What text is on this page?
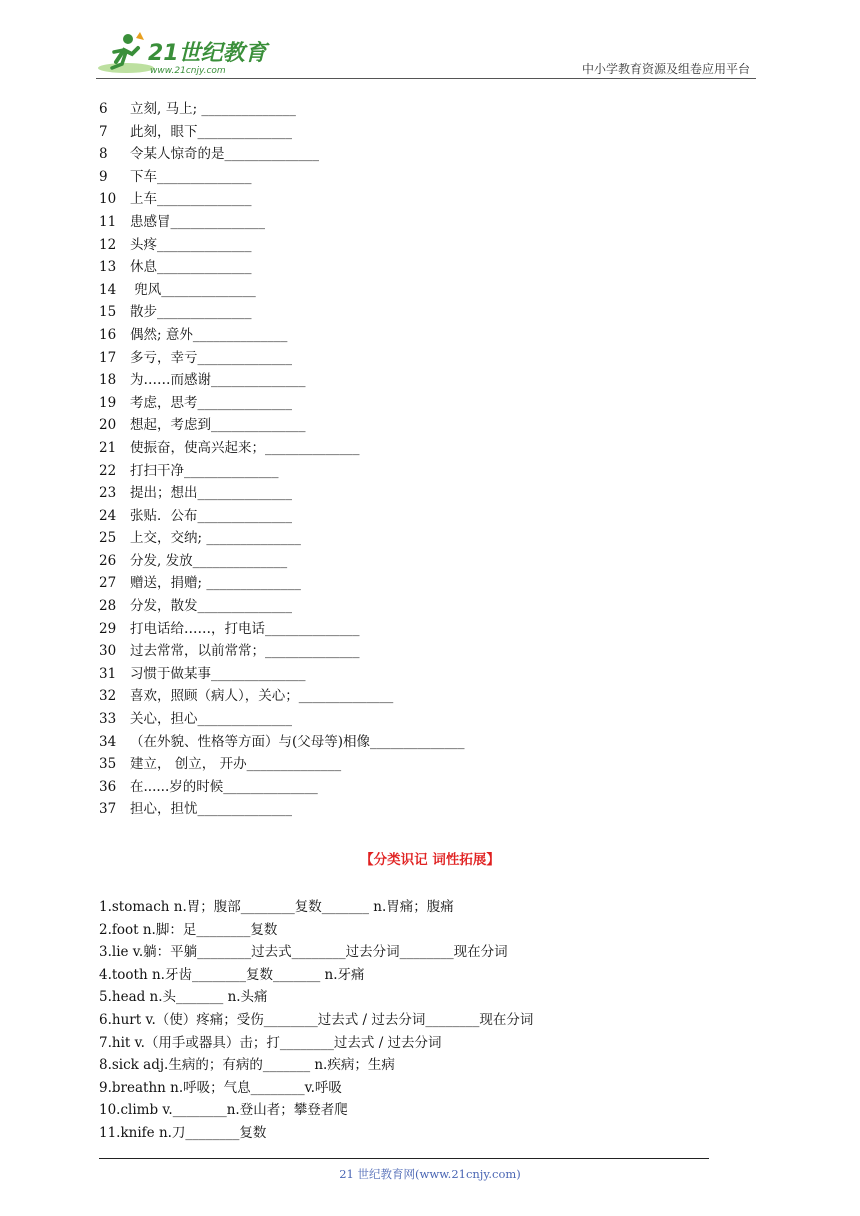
21世纪教育
www.21cnjy.com	中小学教育资源及组卷应用平台
6 立刻, 马上; ______________
7 此刻，眼下______________
8 令某人惊奇的是______________
9 下车______________
10 上车______________
11 患感冒______________
12 头疼______________
13 休息______________
14 兜风______________
15 散步______________
16 偶然; 意外______________
17 多亏，幸亏______________
18 为……而感谢______________
19 考虑，思考______________
20 想起，考虑到______________
21 使振奋，使高兴起来；______________
22 打扫干净______________
23 提出；想出______________
24 张贴．公布______________
25 上交，交纳; ______________
26 分发, 发放______________
27 赠送，捐赠; ______________
28 分发，散发______________
29 打电话给……，打电话______________
30 过去常常，以前常常；______________
31 习惯于做某事______________
32 喜欢，照顾（病人），关心；______________
33 关心，担心______________
34 （在外貌、性格等方面）与(父母等)相像______________
35 建立， 创立， 开办______________
36 在......岁的时候______________
37 担心，担忧______________
【分类识记 词性拓展】
1.stomach n.胃；腹部________复数_______ n.胃痛；腹痛
2.foot n.脚：足________复数
3.lie v.躺：平躺________过去式________过去分词________现在分词
4.tooth n.牙齿________复数_______ n.牙痛
5.head n.头_______ n.头痛
6.hurt v.（使）疼痛；受伤________过去式 / 过去分词________现在分词
7.hit v.（用手或器具）击；打________过去式 / 过去分词
8.sick adj.生病的；有病的_______ n.疾病；生病
9.breathn n.呼吸；气息________v.呼吸
10.climb v.________n.登山者；攀登者爬
11.knife n.刀________复数
21 世纪教育网(www.21cnjy.com)
